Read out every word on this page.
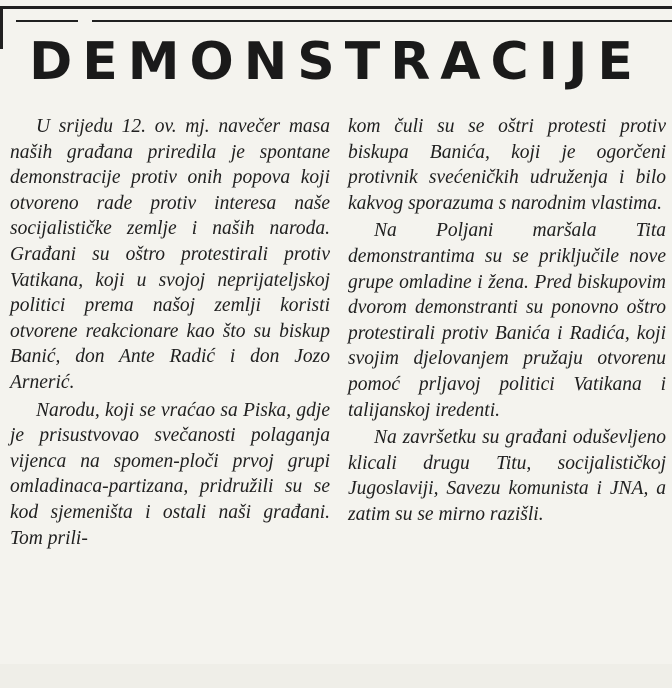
DEMONSTRACIJE

U srijedu 12. ov. mj. navečer masa naših građana priredila je spontane demonstracije protiv onih popova koji otvoreno rade protiv interesa naše socijalističke zemlje i naših naroda. Građani su oštro protestirali protiv Vatikana, koji u svojoj neprijateljskoj politici prema našoj zemlji koristi otvorene reakcionare kao što su biskup Banić, don Ante Radić i don Jozo Arnerić.

Narodu, koji se vraćao sa Piska, gdje je prisustvovao svečanosti polaganja vijenca na spomen-ploči prvoj grupi omladinaca-partizana, pridružili su se kod sjemeništa i ostali naši građani. Tom prili-

kom čuli su se oštri protesti protiv biskupa Banića, koji je ogorčeni protivnik svećeničkih udruženja i bilo kakvog sporazuma s narodnim vlastima.

Na Poljani maršala Tita demonstrantima su se priključile nove grupe omladine i žena. Pred biskupovim dvorom demonstranti su ponovno oštro protestirali protiv Banića i Radića, koji svojim djelovanjem pružaju otvorenu pomoć prljavoj politici Vatikana i talijanskoj iredenti.

Na završetku su građani oduševljeno klicali drugu Titu, socijalističkoj Jugoslaviji, Savezu komunista i JNA, a zatim su se mirno razišli.
